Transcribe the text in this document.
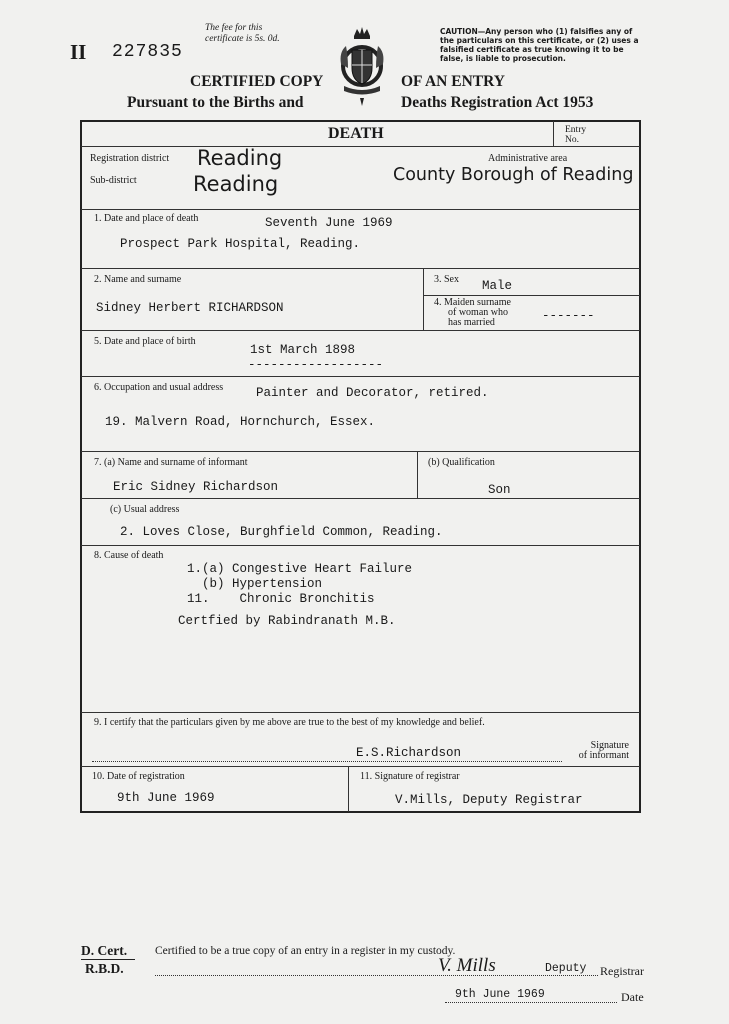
II 227835
The fee for this
certificate is 5s. 0d.
CAUTION—Any person who (1) falsifies any of the particulars on this certificate, or (2) uses a falsified certificate as true knowing it to be false, is liable to prosecution.
CERTIFIED COPY
Pursuant to the Births and
OF AN ENTRY
Deaths Registration Act 1953
DEATH	Entry No.
Registration district Reading
Sub-district	Reading
Administrative area
County Borough of Reading
1. Date and place of death	Seventh June 1969
Prospect Park Hospital, Reading.
2. Name and surname
Sidney Herbert RICHARDSON
3. Sex Male
4. Maiden surname
of woman who
has married	-------
5. Date and place of birth
1st March 1898
------------------
6. Occupation and usual address	Painter and Decorator, retired.
19. Malvern Road, Hornchurch, Essex.
7. (a) Name and surname of informant
Eric Sidney Richardson
(b) Qualification
Son
(c) Usual address
2. Loves Close, Burghfield Common, Reading.
8. Cause of death
1.(a) Congestive Heart Failure
(b) Hypertension
11.    Chronic Bronchitis
Certfied by Rabindranath M.B.
9. I certify that the particulars given by me above are true to the best of my knowledge and belief.
E.S.Richardson
Signature
of informant
10. Date of registration
9th June 1969
11. Signature of registrar
V.Mills, Deputy Registrar
D. Cert.
R.B.D.
Certified to be a true copy of an entry in a register in my custody.
V. Mills	Deputy Registrar
9th June 1969	Date
